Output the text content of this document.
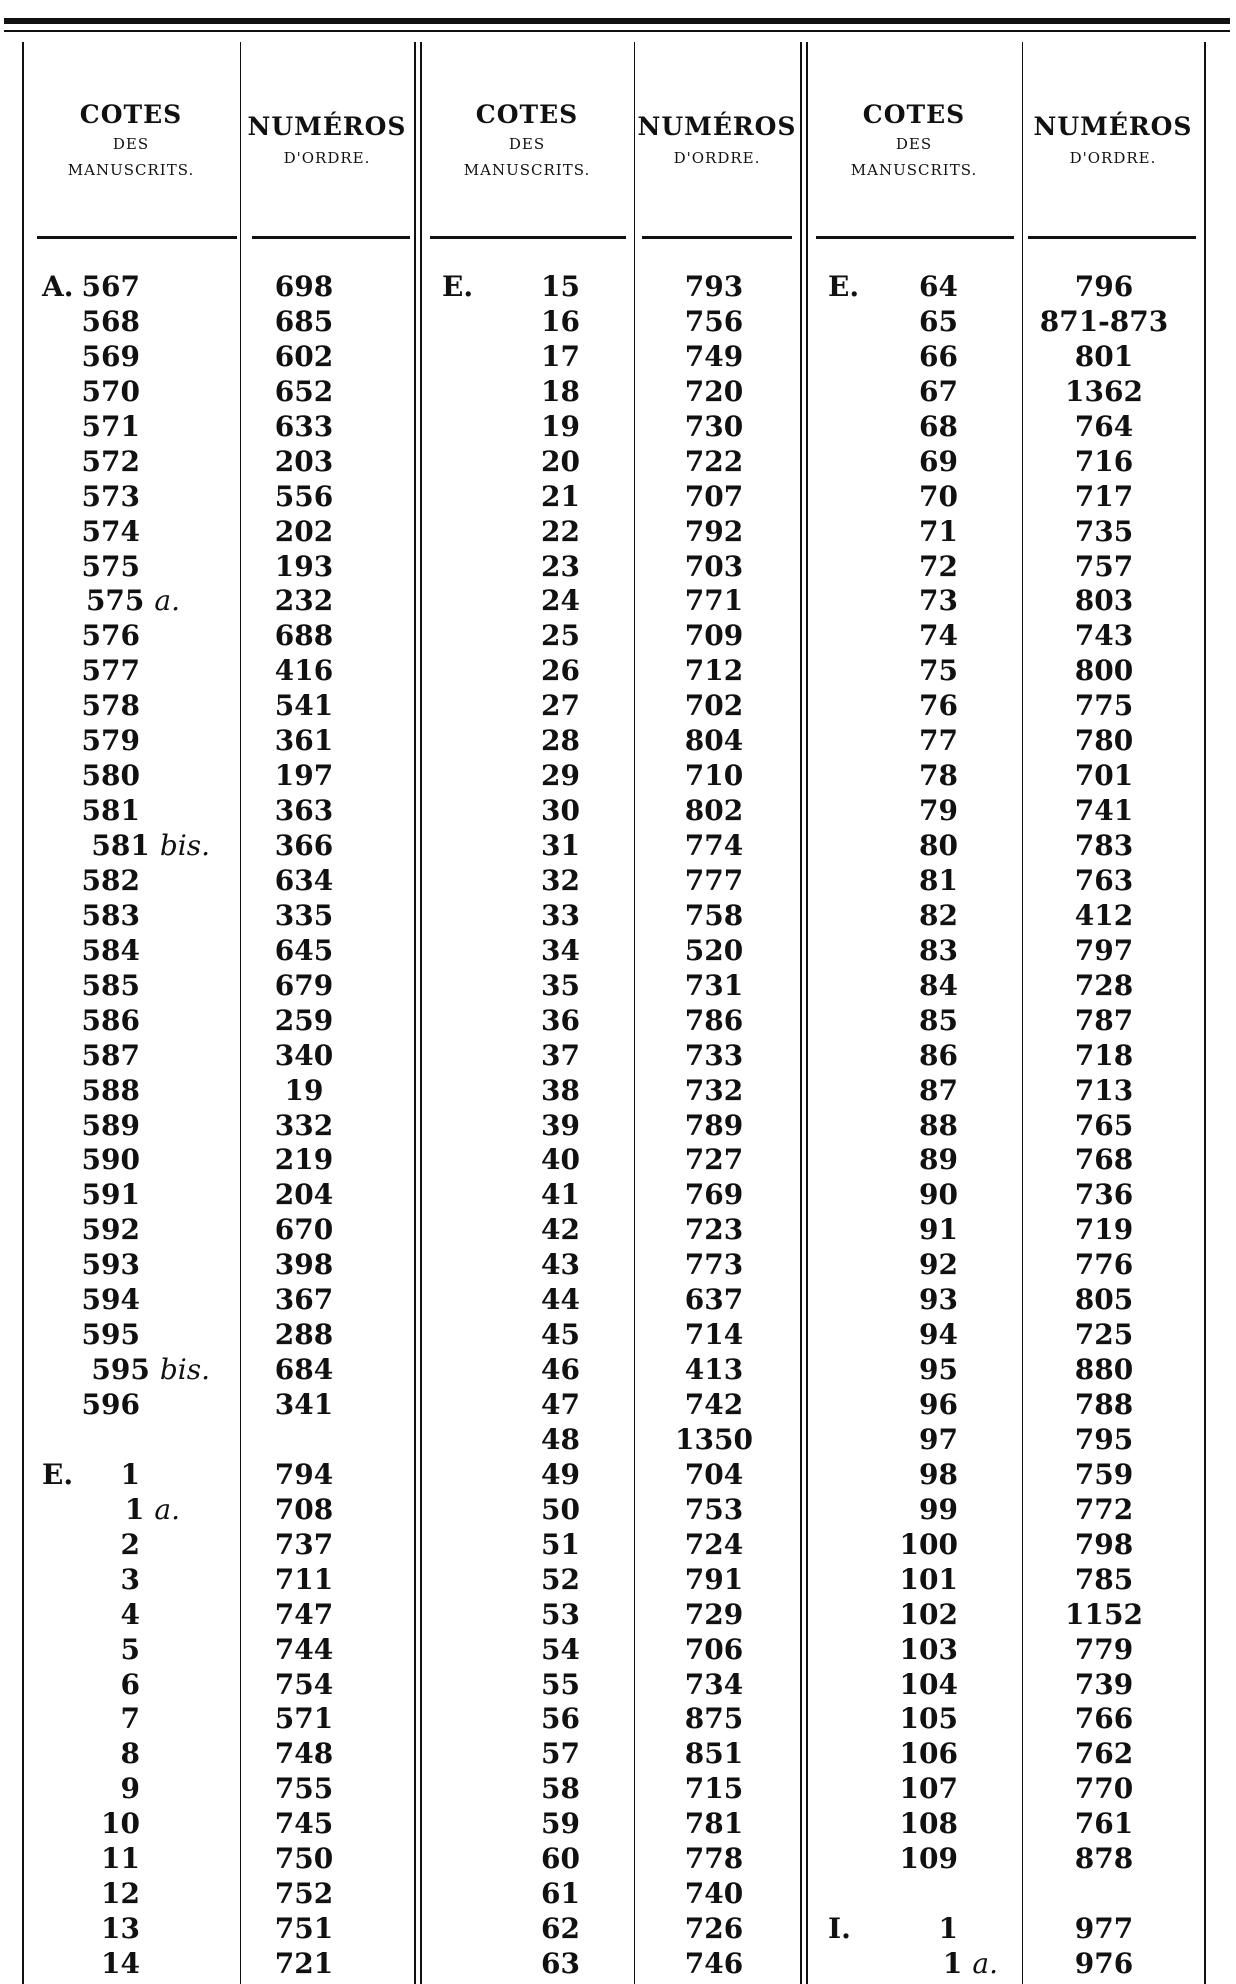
COTES
DES
MANUSCRITS.
NUMÉROS
D'ORDRE.
A. 567	698
568	685
569	602
570	652
571	633
572	203
573	556
574	202
575	193
575 a.	232
576	688
577	416
578	541
579	361
580	197
581	363
581 bis.	366
582	634
583	335
584	645
585	679
586	259
587	340
588	19
589	332
590	219
591	204
592	670
593	398
594	367
595	288
595 bis.	684
596	341
E.	1	794
1 a.	708
2	737
3	711
4	747
5	744
6	754
7	571
8	748
9	755
10	745
11	750
12	752
13	751
14	721
COTES
DES
MANUSCRITS.
NUMÉROS
D'ORDRE.
E.	15	793
16	756
17	749
18	720
19	730
20	722
21	707
22	792
23	703
24	771
25	709
26	712
27	702
28	804
29	710
30	802
31	774
32	777
33	758
34	520
35	731
36	786
37	733
38	732
39	789
40	727
41	769
42	723
43	773
44	637
45	714
46	413
47	742
48	1350
49	704
50	753
51	724
52	791
53	729
54	706
55	734
56	875
57	851
58	715
59	781
60	778
61	740
62	726
63	746
COTES
DES
MANUSCRITS.
NUMÉROS
D'ORDRE.
E.	64	796
65	871-873
66	801
67	1362
68	764
69	716
70	717
71	735
72	757
73	803
74	743
75	800
76	775
77	780
78	701
79	741
80	783
81	763
82	412
83	797
84	728
85	787
86	718
87	713
88	765
89	768
90	736
91	719
92	776
93	805
94	725
95	880
96	788
97	795
98	759
99	772
100	798
101	785
102	1152
103	779
104	739
105	766
106	762
107	770
108	761
109	878
I.	1	977
1 a.	976
